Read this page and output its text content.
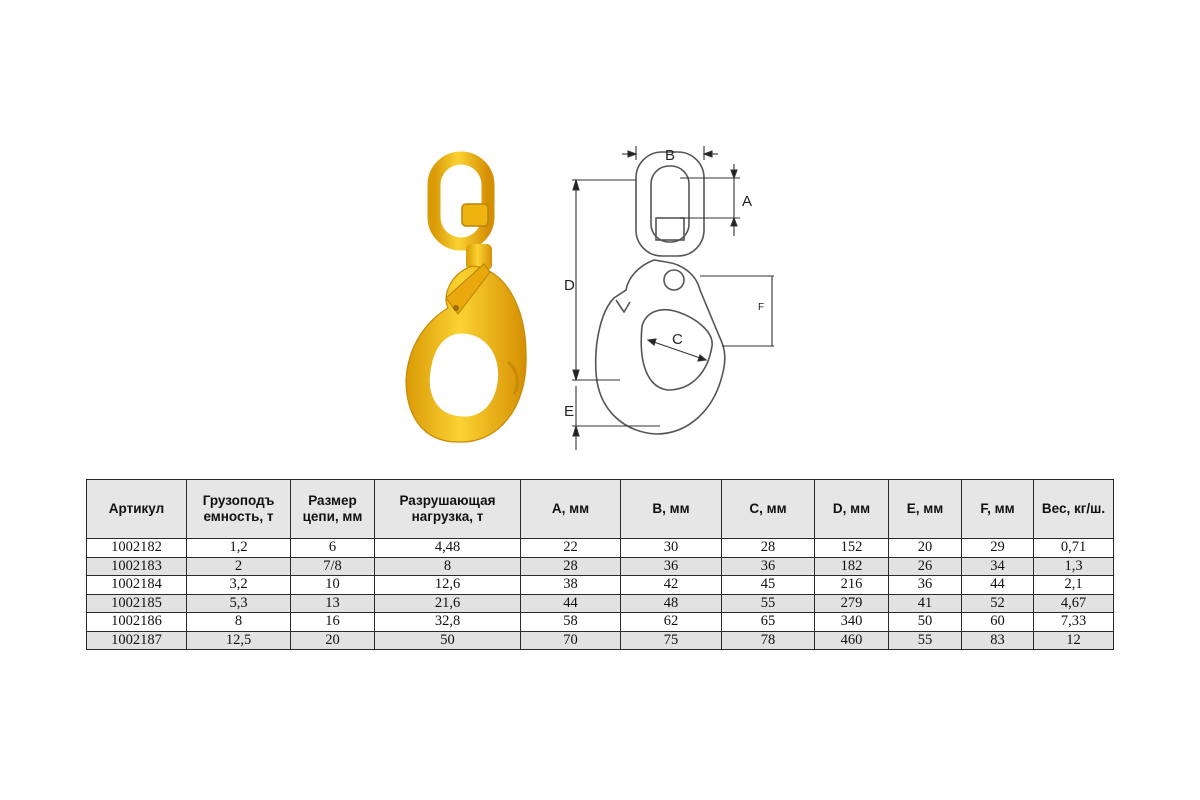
B
A
D
E
F
C
Артикул	Грузоподъ емность, т	Размер цепи, мм	Разрушающая нагрузка, т	A, мм	B, мм	C, мм	D, мм	E, мм	F, мм	Вес, кг/ш.
1002182	1,2	6	4,48	22	30	28	152	20	29	0,71
1002183	2	7/8	8	28	36	36	182	26	34	1,3
1002184	3,2	10	12,6	38	42	45	216	36	44	2,1
1002185	5,3	13	21,6	44	48	55	279	41	52	4,67
1002186	8	16	32,8	58	62	65	340	50	60	7,33
1002187	12,5	20	50	70	75	78	460	55	83	12
